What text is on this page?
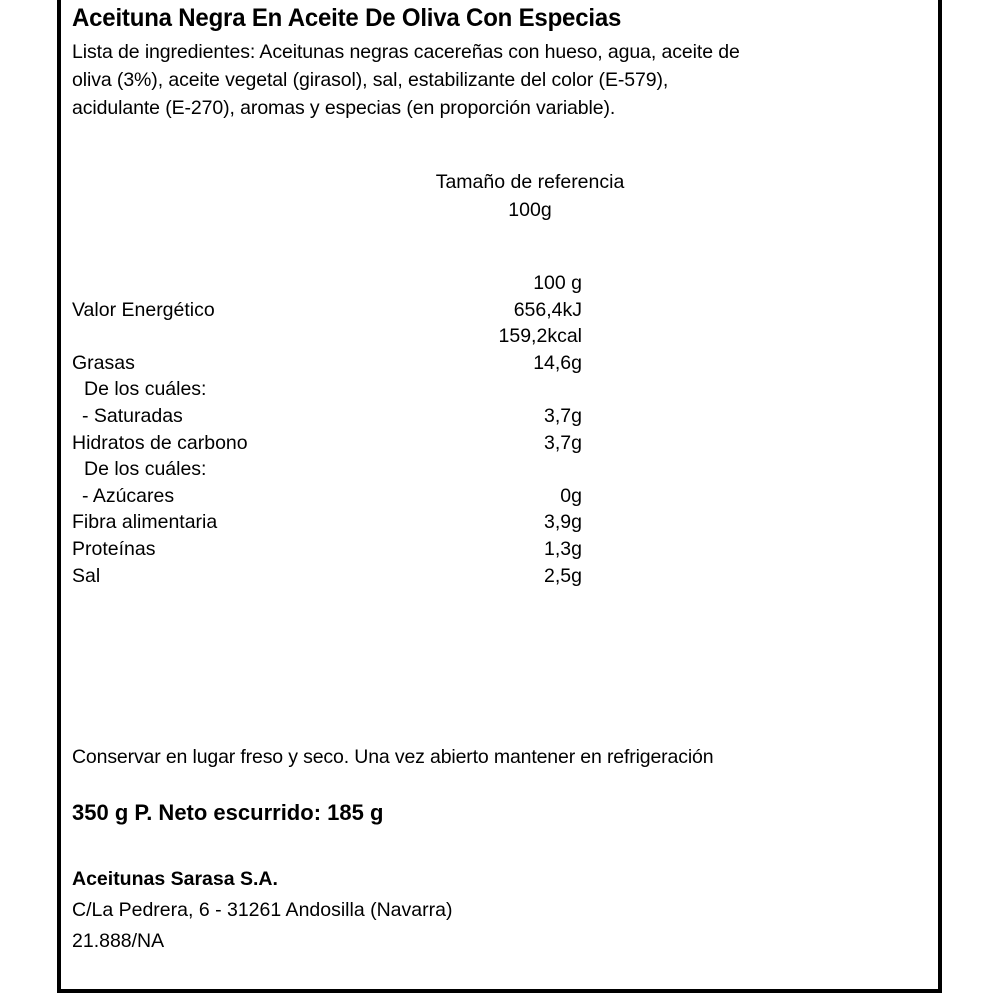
Aceituna Negra En Aceite De Oliva Con Especias
Lista de ingredientes: Aceitunas negras cacereñas con hueso, agua, aceite de
oliva (3%), aceite vegetal (girasol), sal, estabilizante del color (E-579),
acidulante (E-270), aromas y especias (en proporción variable).
Tamaño de referencia
100g
	100 g
Valor Energético	656,4kJ
	159,2kcal
Grasas	14,6g
De los cuáles:	
- Saturadas	3,7g
Hidratos de carbono	3,7g
De los cuáles:	
- Azúcares	0g
Fibra alimentaria	3,9g
Proteínas	1,3g
Sal	2,5g
Conservar en lugar freso y seco. Una vez abierto mantener en refrigeración
350 g P. Neto escurrido: 185 g
Aceitunas Sarasa S.A.
C/La Pedrera, 6 - 31261 Andosilla (Navarra)
21.888/NA
